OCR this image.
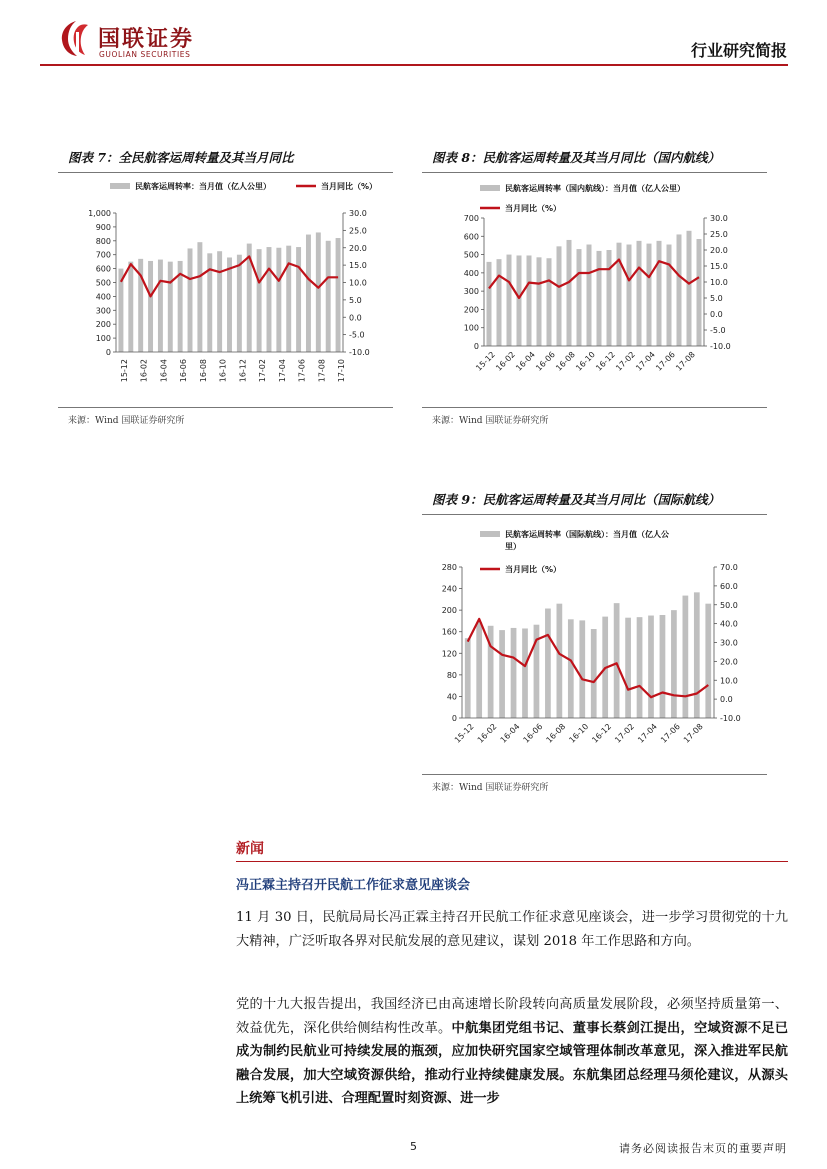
国联证券
GUOLIAN SECURITIES	行业研究简报
图表 7：全民航客运周转量及其当月同比
民航客运周转率：当月值（亿人公里）	当月同比（%）
0
100
200
300
400
500
600
700
800
900
1,000
-10.0
-5.0
0.0
5.0
10.0
15.0
20.0
25.0
30.0
15-12 16-02 16-04 16-06 16-08 16-10 16-12 17-02 17-04 17-06 17-08 17-10
来源：Wind 国联证券研究所
图表 8：民航客运周转量及其当月同比（国内航线）
民航客运周转率（国内航线）：当月值（亿人公里）
当月同比（%）
0
100
200
300
400
500
600
700
-10.0
-5.0
0.0
5.0
10.0
15.0
20.0
25.0
30.0
15-12
16-02
16-04
16-06
16-08
16-10
16-12
17-02
17-04
17-06
17-08
来源：Wind 国联证券研究所
图表 9：民航客运周转量及其当月同比（国际航线）
民航客运周转率（国际航线）：当月值（亿人公
里）
当月同比（%）
0
40
80
120
160
200
240
280
-10.0
0.0
10.0
20.0
30.0
40.0
50.0
60.0
70.0
15-12 16-02 16-04 16-06 16-08 16-10 16-12 17-02 17-04 17-06 17-08
来源：Wind 国联证券研究所
新闻
冯正霖主持召开民航工作征求意见座谈会
11 月 30 日，民航局局长冯正霖主持召开民航工作征求意见座谈会，进一步学习贯彻党的十九大精神，广泛听取各界对民航发展的意见建议，谋划 2018 年工作思路和方向。
党的十九大报告提出，我国经济已由高速增长阶段转向高质量发展阶段，必须坚持质量第一、效益优先，深化供给侧结构性改革。中航集团党组书记、董事长蔡剑江提出，空域资源不足已成为制约民航业可持续发展的瓶颈，应加快研究国家空域管理体制改革意见，深入推进军民航融合发展，加大空域资源供给，推动行业持续健康发展。东航集团总经理马须伦建议，从源头上统筹飞机引进、合理配置时刻资源、进一步
5	请务必阅读报告末页的重要声明
